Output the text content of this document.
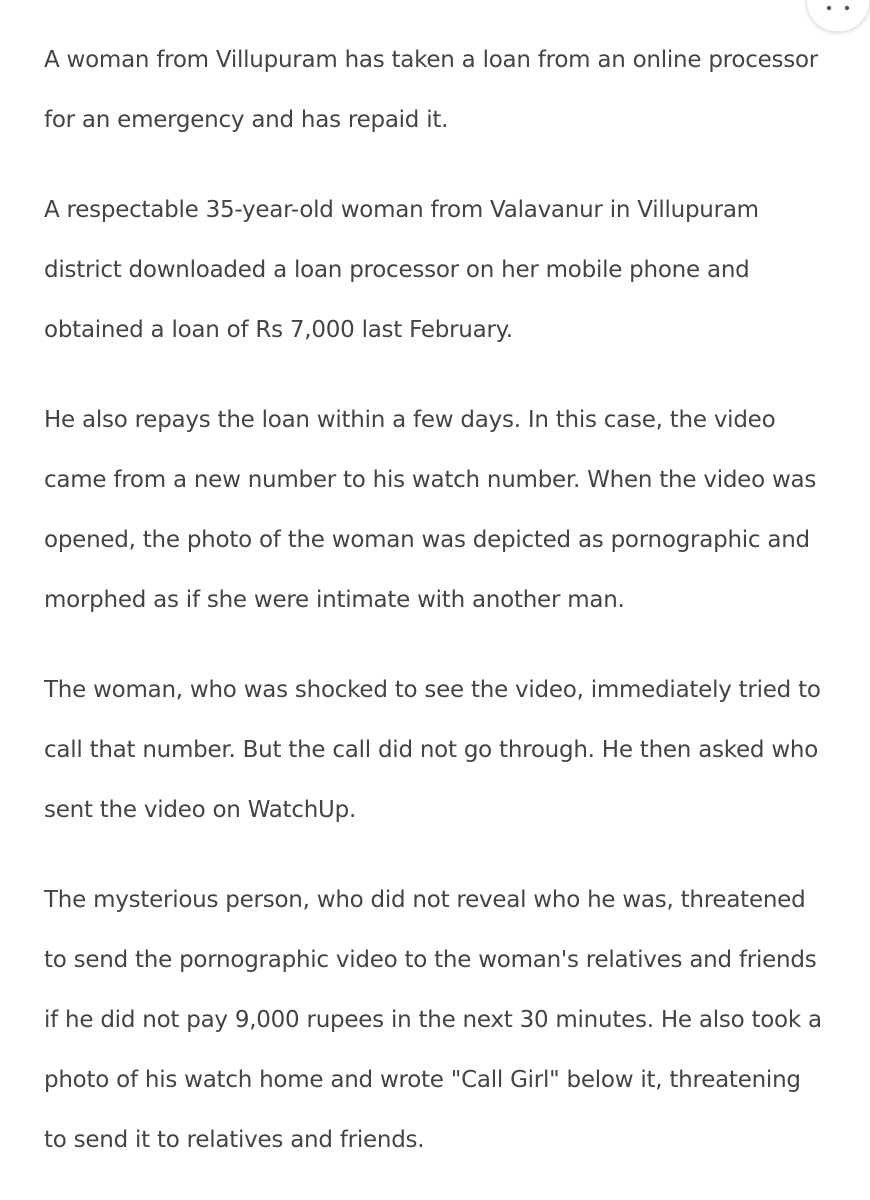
A woman from Villupuram has taken a loan from an online processor
for an emergency and has repaid it.

A respectable 35-year-old woman from Valavanur in Villupuram
district downloaded a loan processor on her mobile phone and
obtained a loan of Rs 7,000 last February.

He also repays the loan within a few days. In this case, the video
came from a new number to his watch number. When the video was
opened, the photo of the woman was depicted as pornographic and
morphed as if she were intimate with another man.

The woman, who was shocked to see the video, immediately tried to
call that number. But the call did not go through. He then asked who
sent the video on WatchUp.

The mysterious person, who did not reveal who he was, threatened
to send the pornographic video to the woman's relatives and friends
if he did not pay 9,000 rupees in the next 30 minutes. He also took a
photo of his watch home and wrote "Call Girl" below it, threatening
to send it to relatives and friends.
